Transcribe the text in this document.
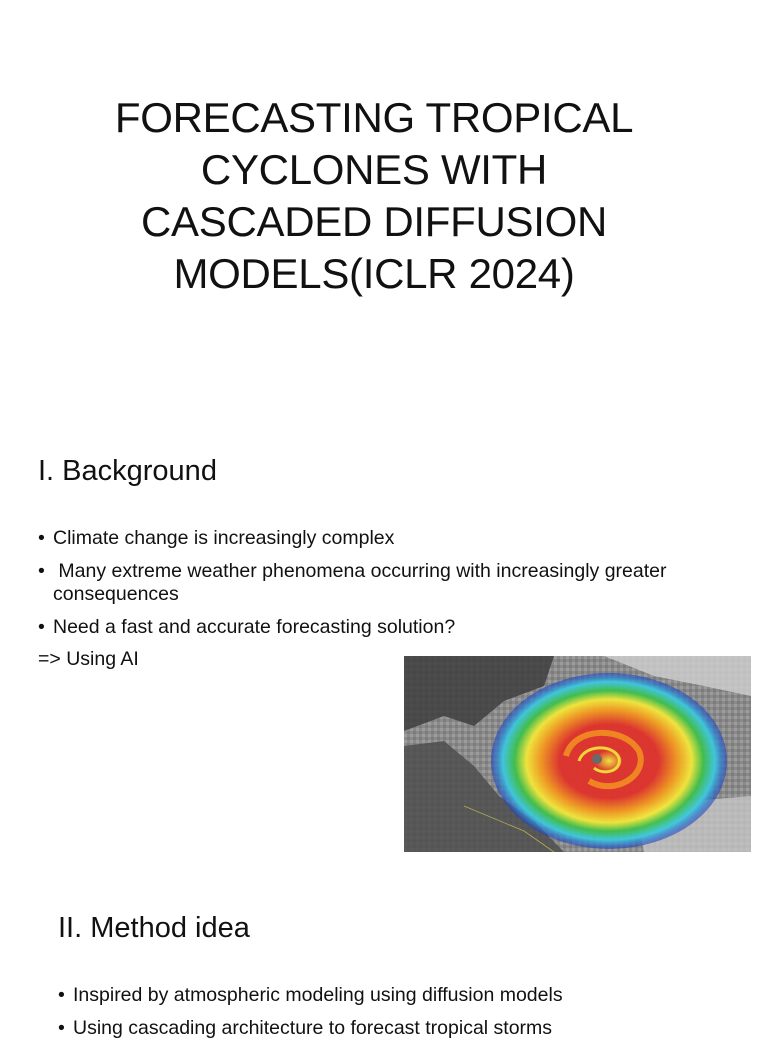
FORECASTING TROPICAL
CYCLONES WITH
CASCADED DIFFUSION
MODELS(ICLR 2024)
I. Background
• Climate change is increasingly complex
• Many extreme weather phenomena occurring with increasingly greater consequences
• Need a fast and accurate forecasting solution?
=> Using AI
II. Method idea
• Inspired by atmospheric modeling using diffusion models
• Using cascading architecture to forecast tropical storms
